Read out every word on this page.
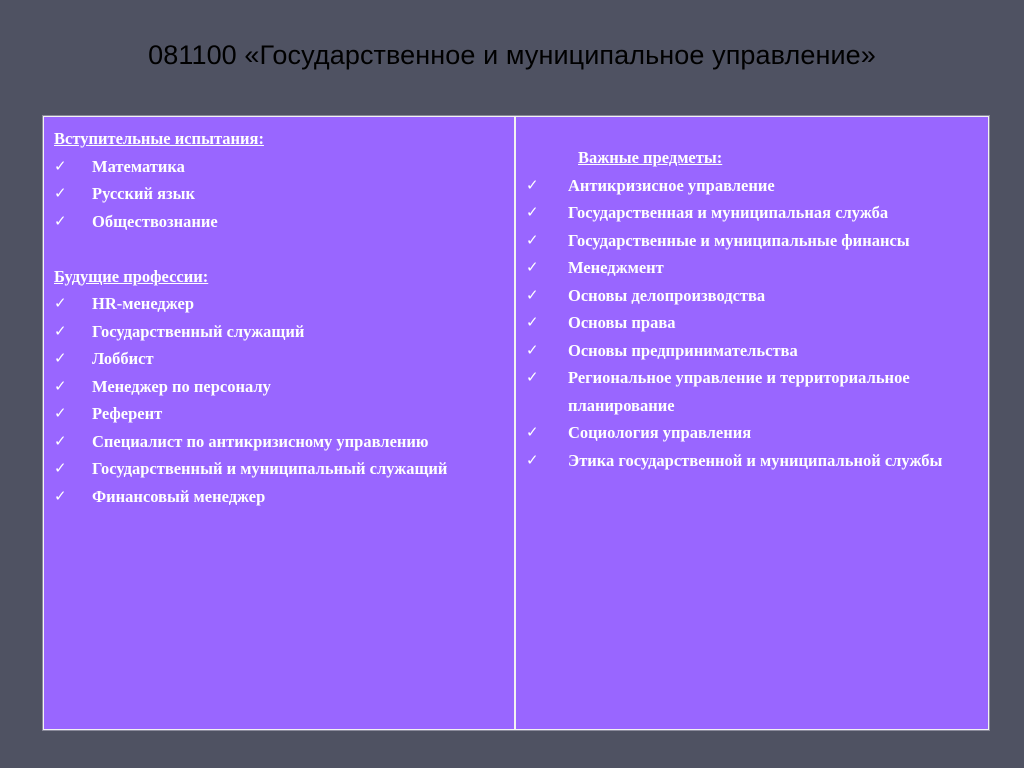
081100 «Государственное и муниципальное управление»

Вступительные испытания:

✓	Математика
✓	Русский язык
✓	Обществознание

Будущие профессии:

✓	HR-менеджер
✓	Государственный служащий
✓	Лоббист
✓	Менеджер по персоналу
✓	Референт
✓	Специалист по антикризисному управлению
✓	Государственный и муниципальный служащий
✓	Финансовый менеджер

Важные предметы:

✓	Антикризисное управление
✓	Государственная и муниципальная служба
✓	Государственные и муниципальные финансы
✓	Менеджмент
✓	Основы делопроизводства
✓	Основы права
✓	Основы предпринимательства
✓	Региональное управление и территориальное планирование
✓	Социология управления
✓	Этика государственной и муниципальной службы
